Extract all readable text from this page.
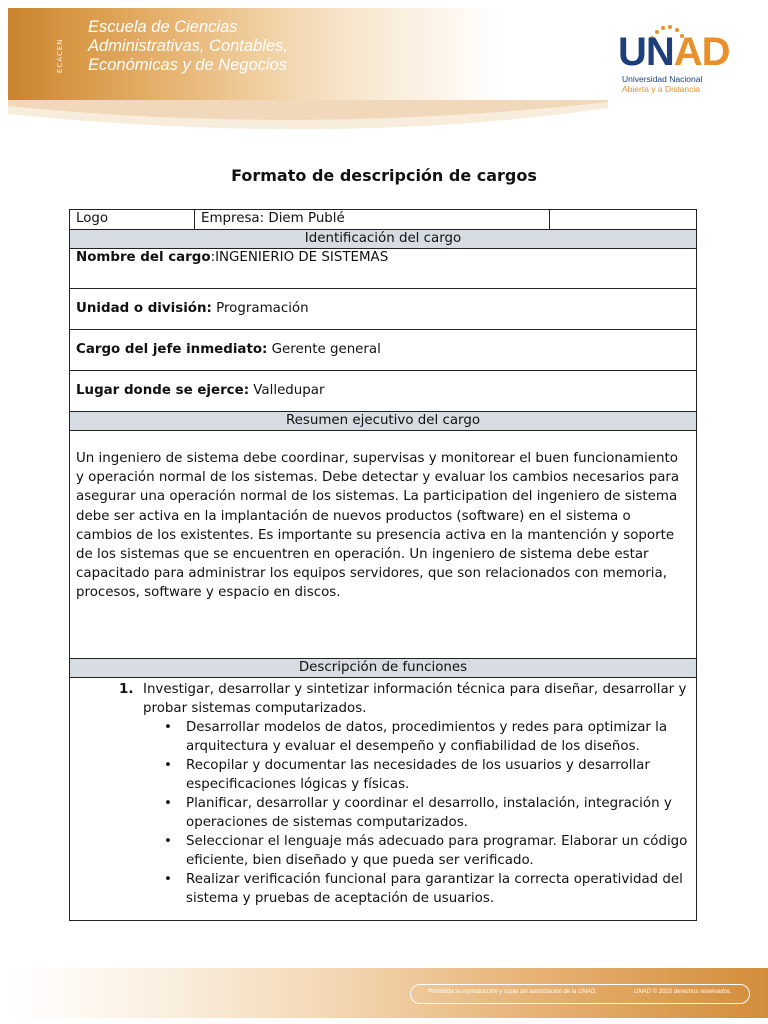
ECACEN
Escuela de Ciencias
Administrativas, Contables,
Económicas y de Negocios	UNAD
Universidad Nacional
Abierta y a Distancia
Formato de descripción de cargos
Logo	Empresa: Diem Publé	
Identificación del cargo
Nombre del cargo:INGENIERIO DE SISTEMAS
Unidad o división: Programación
Cargo del jefe inmediato: Gerente general
Lugar donde se ejerce: Valledupar
Resumen ejecutivo del cargo
Un ingeniero de sistema debe coordinar, supervisas y monitorear el buen funcionamiento y operación normal de los sistemas. Debe detectar y evaluar los cambios necesarios para asegurar una operación normal de los sistemas. La participation del ingeniero de sistema debe ser activa en la implantación de nuevos productos (software) en el sistema o cambios de los existentes. Es importante su presencia activa en la mantención y soporte de los sistemas que se encuentren en operación. Un ingeniero de sistema debe estar capacitado para administrar los equipos servidores, que son relacionados con memoria, procesos, software y espacio en discos.
Descripción de funciones

1. Investigar, desarrollar y sintetizar información técnica para diseñar, desarrollar y probar sistemas computarizados.
• Desarrollar modelos de datos, procedimientos y redes para optimizar la arquitectura y evaluar el desempeño y confiabilidad de los diseños.
• Recopilar y documentar las necesidades de los usuarios y desarrollar especificaciones lógicas y físicas.
• Planificar, desarrollar y coordinar el desarrollo, instalación, integración y operaciones de sistemas computarizados.
• Seleccionar el lenguaje más adecuado para programar. Elaborar un código eficiente, bien diseñado y que pueda ser verificado.
• Realizar verificación funcional para garantizar la correcta operatividad del sistema y pruebas de aceptación de usuarios.
Prohibida su reproducción y copia sin autorización de la UNAD.	UNAD © 2020 derechos reservados.
